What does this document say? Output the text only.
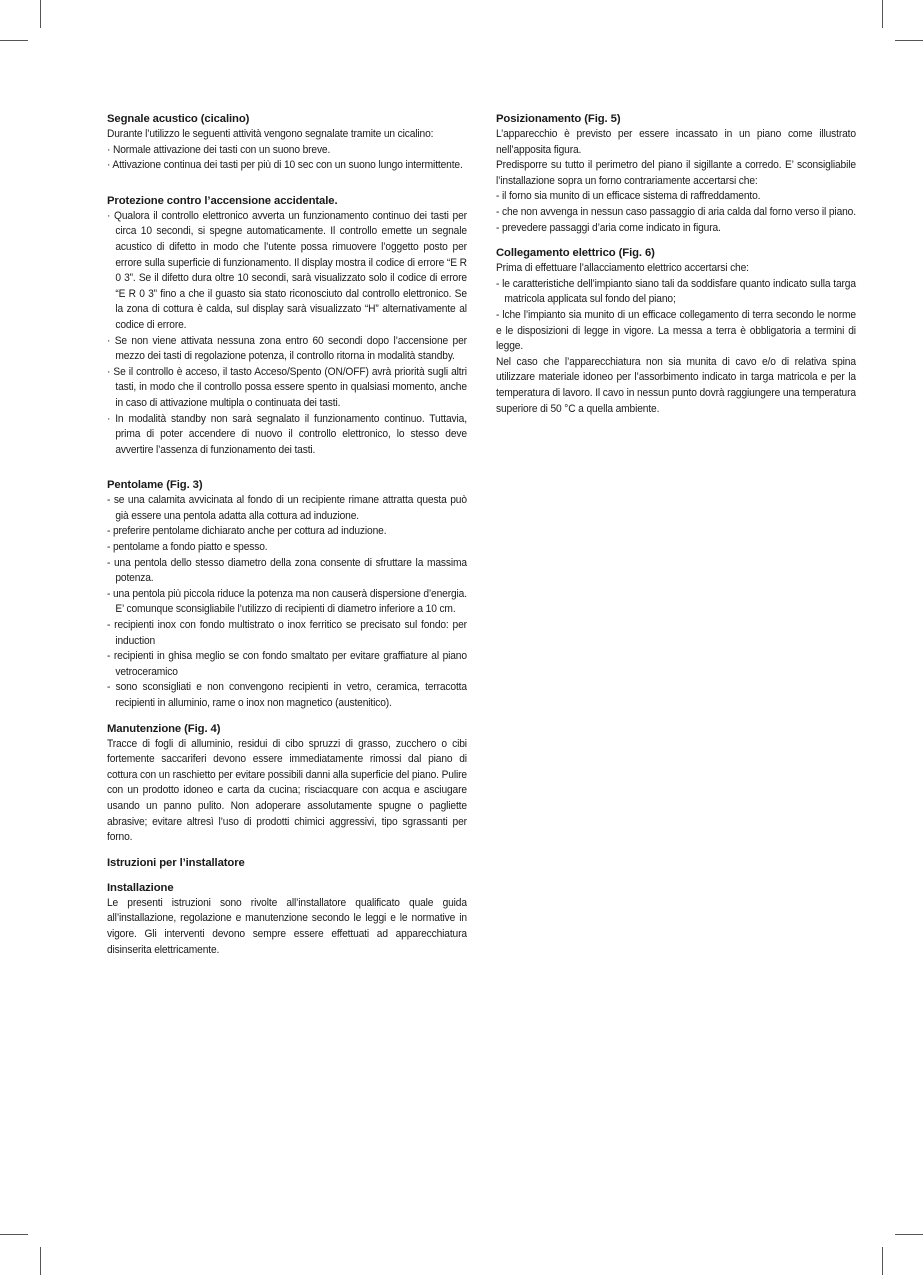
Segnale acustico (cicalino)

Durante l’utilizzo le seguenti attività vengono segnalate tramite un cicalino:

· Normale attivazione dei tasti con un suono breve.
· Attivazione continua dei tasti per più di 10 sec con un suono lungo intermittente.
Protezione contro l’accensione accidentale.
· Qualora il controllo elettronico avverta un funzionamento continuo dei tasti per circa 10 secondi, si spegne automaticamente. Il controllo emette un segnale acustico di difetto in modo che l’utente possa rimuovere l’oggetto posto per errore sulla superficie di funzionamento. Il display mostra il codice di errore “E R 0 3”. Se il difetto dura oltre 10 secondi, sarà visualizzato solo il codice di errore “E R 0 3” fino a che il guasto sia stato riconosciuto dal controllo elettronico. Se la zona di cottura è calda, sul display sarà visualizzato “H” alternativamente al codice di errore.
· Se non viene attivata nessuna zona entro 60 secondi dopo l’accensione per mezzo dei tasti di regolazione potenza, il controllo ritorna in modalità standby.
· Se il controllo è acceso, il tasto Acceso/Spento (ON/OFF) avrà priorità sugli altri tasti, in modo che il controllo possa essere spento in qualsiasi momento, anche in caso di attivazione multipla o continuata dei tasti.
· In modalità standby non sarà segnalato il funzionamento continuo. Tuttavia, prima di poter accendere di nuovo il controllo elettronico, lo stesso deve avvertire l’assenza di funzionamento dei tasti.
Pentolame (Fig. 3)
- se una calamita avvicinata al fondo di un recipiente rimane attratta questa può già essere una pentola adatta alla cottura ad induzione.
- preferire pentolame dichiarato anche per cottura ad induzione.
- pentolame a fondo piatto e spesso.
- una pentola dello stesso diametro della zona consente di sfruttare la massima potenza.
- una pentola più piccola riduce la potenza ma non causerà dispersione d’energia. E’ comunque sconsigliabile l’utilizzo di recipienti di diametro inferiore a 10 cm.
- recipienti inox con fondo multistrato o inox ferritico se precisato sul fondo: per induction
- recipienti in ghisa meglio se con fondo smaltato per evitare graffiature al piano vetroceramico
- sono sconsigliati e non convengono recipienti in vetro, ceramica, terracotta recipienti in alluminio, rame o inox non magnetico (austenitico).
Manutenzione (Fig. 4)

Tracce di fogli di alluminio, residui di cibo spruzzi di grasso, zucchero o cibi fortemente saccariferi devono essere immediatamente rimossi dal piano di cottura con un raschietto per evitare possibili danni alla superficie del piano. Pulire con un prodotto idoneo e carta da cucina; risciacquare con acqua e asciugare usando un panno pulito. Non adoperare assolutamente spugne o pagliette abrasive; evitare altresì l’uso di prodotti chimici aggressivi, tipo sgrassanti per forno.

Istruzioni per l’installatore
Installazione

Le presenti istruzioni sono rivolte all’installatore qualificato quale guida all’installazione, regolazione e manutenzione secondo le leggi e le normative in vigore. Gli interventi devono sempre essere effettuati ad apparecchiatura disinserita elettricamente.

Posizionamento (Fig. 5)

L’apparecchio è previsto per essere incassato in un piano come illustrato nell’apposita figura.

Predisporre su tutto il perimetro del piano il sigillante a corredo. E’ sconsigliabile l’installazione sopra un forno contrariamente accertarsi che:

- il forno sia munito di un efficace sistema di raffreddamento.
- che non avvenga in nessun caso passaggio di aria calda dal forno verso il piano.
- prevedere passaggi d’aria come indicato in figura.
Collegamento elettrico (Fig. 6)

Prima di effettuare l’allacciamento elettrico accertarsi che:

- le caratteristiche dell’impianto siano tali da soddisfare quanto indicato sulla targa matricola applicata sul fondo del piano;

- lche l’impianto sia munito di un efficace collegamento di terra secondo le norme e le disposizioni di legge in vigore. La messa a terra è obbligatoria a termini di legge.

Nel caso che l’apparecchiatura non sia munita di cavo e/o di relativa spina utilizzare materiale idoneo per l’assorbimento indicato in targa matricola e per la temperatura di lavoro. Il cavo in nessun punto dovrà raggiungere una temperatura superiore di 50 °C a quella ambiente.
